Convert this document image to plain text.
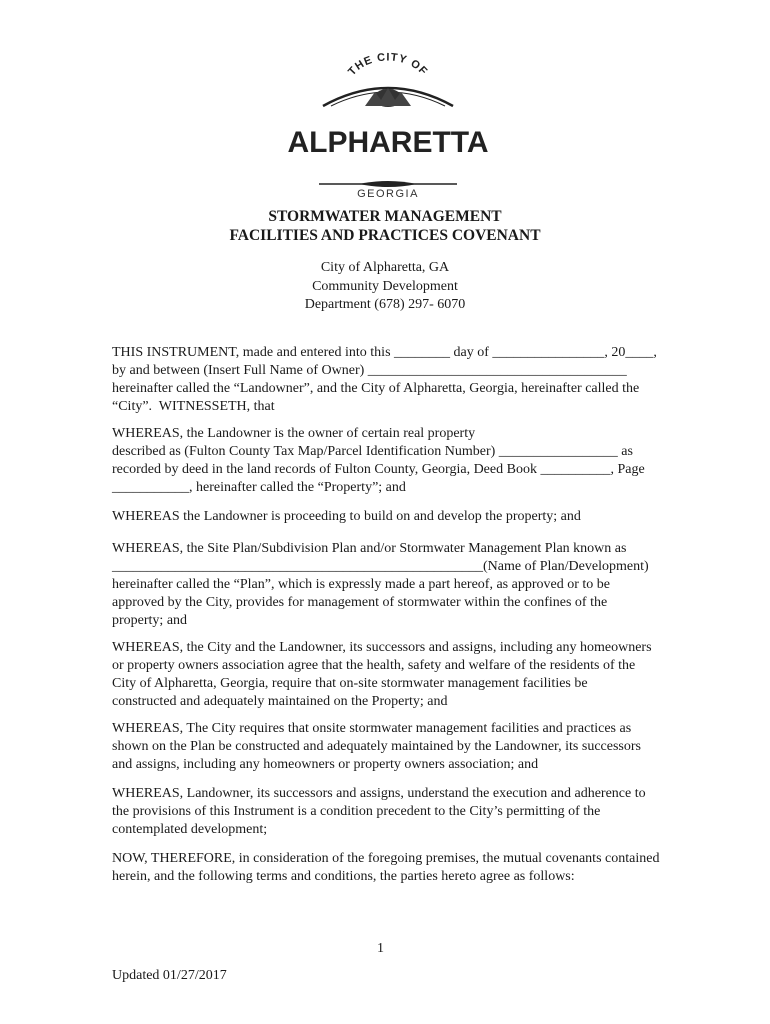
THE CITY OF
ALPHARETTA
GEORGIA

STORMWATER MANAGEMENT

FACILITIES AND PRACTICES COVENANT

City of Alpharetta, GA

Community Development

Department (678) 297- 6070

THIS INSTRUMENT, made and entered into this ________ day of ________________, 20____,

by and between (Insert Full Name of Owner) _____________________________________

hereinafter called the “Landowner”, and the City of Alpharetta, Georgia, hereinafter called the

“City”.  WITNESSETH, that

WHEREAS, the Landowner is the owner of certain real property

described as (Fulton County Tax Map/Parcel Identification Number) _________________ as

recorded by deed in the land records of Fulton County, Georgia, Deed Book __________, Page

___________, hereinafter called the “Property”; and

WHEREAS the Landowner is proceeding to build on and develop the property; and

WHEREAS, the Site Plan/Subdivision Plan and/or Stormwater Management Plan known as

_____________________________________________________(Name of Plan/Development)

hereinafter called the “Plan”, which is expressly made a part hereof, as approved or to be

approved by the City, provides for management of stormwater within the confines of the

property; and

WHEREAS, the City and the Landowner, its successors and assigns, including any homeowners

or property owners association agree that the health, safety and welfare of the residents of the

City of Alpharetta, Georgia, require that on-site stormwater management facilities be

constructed and adequately maintained on the Property; and

WHEREAS, The City requires that onsite stormwater management facilities and practices as

shown on the Plan be constructed and adequately maintained by the Landowner, its successors

and assigns, including any homeowners or property owners association; and

WHEREAS, Landowner, its successors and assigns, understand the execution and adherence to

the provisions of this Instrument is a condition precedent to the City’s permitting of the

contemplated development;

NOW, THEREFORE, in consideration of the foregoing premises, the mutual covenants contained

herein, and the following terms and conditions, the parties hereto agree as follows:

1
Updated 01/27/2017
